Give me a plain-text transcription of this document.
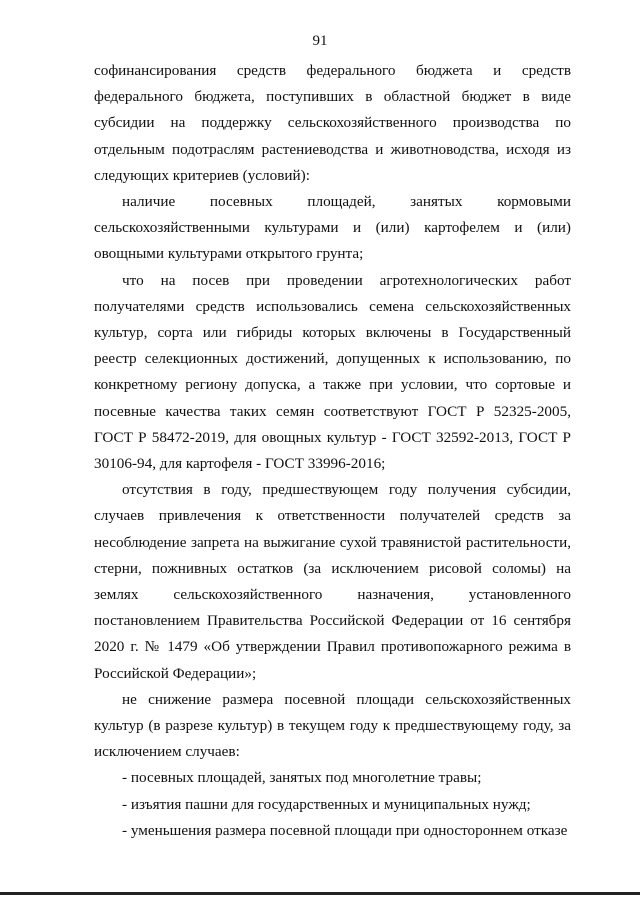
91

софинансирования средств федерального бюджета и средств федерального бюджета, поступивших в областной бюджет в виде субсидии на поддержку сельскохозяйственного производства по отдельным подотраслям растениеводства и животноводства, исходя из следующих критериев (условий):

наличие посевных площадей, занятых кормовыми сельскохозяйственными культурами и (или) картофелем и (или) овощными культурами открытого грунта;

что на посев при проведении агротехнологических работ получателями средств использовались семена сельскохозяйственных культур, сорта или гибриды которых включены в Государственный реестр селекционных достижений, допущенных к использованию, по конкретному региону допуска, а также при условии, что сортовые и посевные качества таких семян соответствуют ГОСТ Р 52325-2005, ГОСТ Р 58472-2019, для овощных культур - ГОСТ 32592-2013, ГОСТ Р 30106-94, для картофеля - ГОСТ 33996-2016;

отсутствия в году, предшествующем году получения субсидии, случаев привлечения к ответственности получателей средств за несоблюдение запрета на выжигание сухой травянистой растительности, стерни, пожнивных остатков (за исключением рисовой соломы) на землях сельскохозяйственного назначения, установленного постановлением Правительства Российской Федерации от 16 сентября 2020 г. № 1479 «Об утверждении Правил противопожарного режима в Российской Федерации»;

не снижение размера посевной площади сельскохозяйственных культур (в разрезе культур) в текущем году к предшествующему году, за исключением случаев:

- посевных площадей, занятых под многолетние травы;

- изъятия пашни для государственных и муниципальных нужд;

- уменьшения размера посевной площади при одностороннем отказе
